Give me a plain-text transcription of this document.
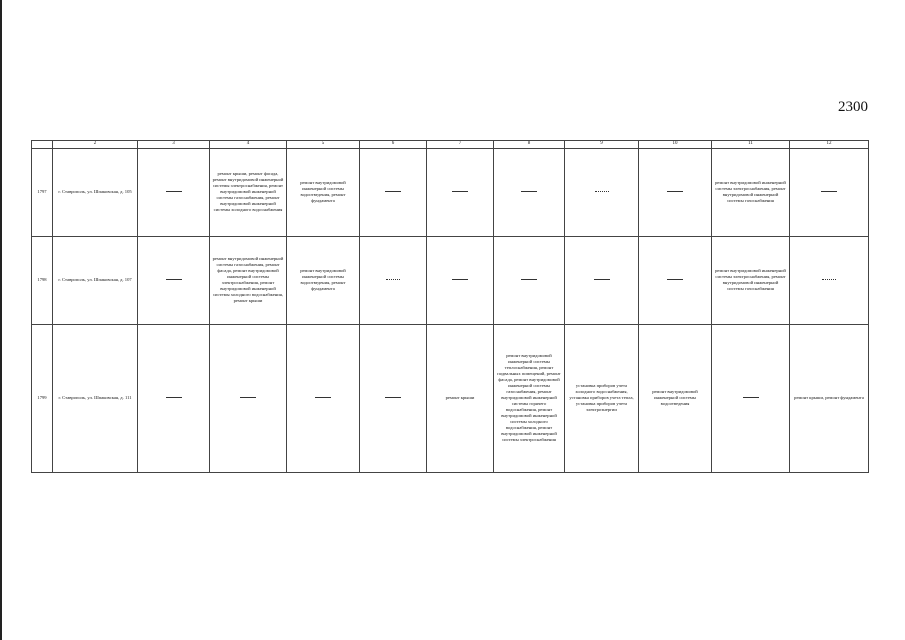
2300
	2	3	4	5	6	7	8	9	10	11	12
1797	г. Ставрополь, ул. Шпаковская, д. 105		ремонт крыши, ремонт фасада, ремонт внутридомовой инженерной системы электроснабжения, ремонт внутридомовой инженерной системы газоснабжения, ремонт внутридомовой инженерной системы холодного водоснабжения	ремонт внутридомовой инженерной системы водоотведения, ремонт фундамента						ремонт внутридомовой инженерной системы электроснабжения, ремонт внутридомовой инженерной системы газоснабжения	
1798	г. Ставрополь, ул. Шпаковская, д. 107		ремонт внутридомовой инженерной системы газоснабжения, ремонт фасада, ремонт внутридомовой инженерной системы электроснабжения, ремонт внутридомовой инженерной системы холодного водоснабжения, ремонт крыши	ремонт внутридомовой инженерной системы водоотведения, ремонт фундамента						ремонт внутридомовой инженерной системы электроснабжения, ремонт внутридомовой инженерной системы газоснабжения	
1799	г. Ставрополь, ул. Шпаковская, д. 111					ремонт крыши	ремонт внутридомовой инженерной системы теплоснабжения, ремонт подвальных помещений, ремонт фасада, ремонт внутридомовой инженерной системы газоснабжения, ремонт внутридомовой инженерной системы горячего водоснабжения, ремонт внутридомовой инженерной системы холодного водоснабжения, ремонт внутридомовой инженерной системы электроснабжения	установка приборов учета холодного водоснабжения, установка приборов учета тепла, установка приборов учета электроэнергии	ремонт внутридомовой инженерной системы водоотведения		ремонт крыши, ремонт фундамента
